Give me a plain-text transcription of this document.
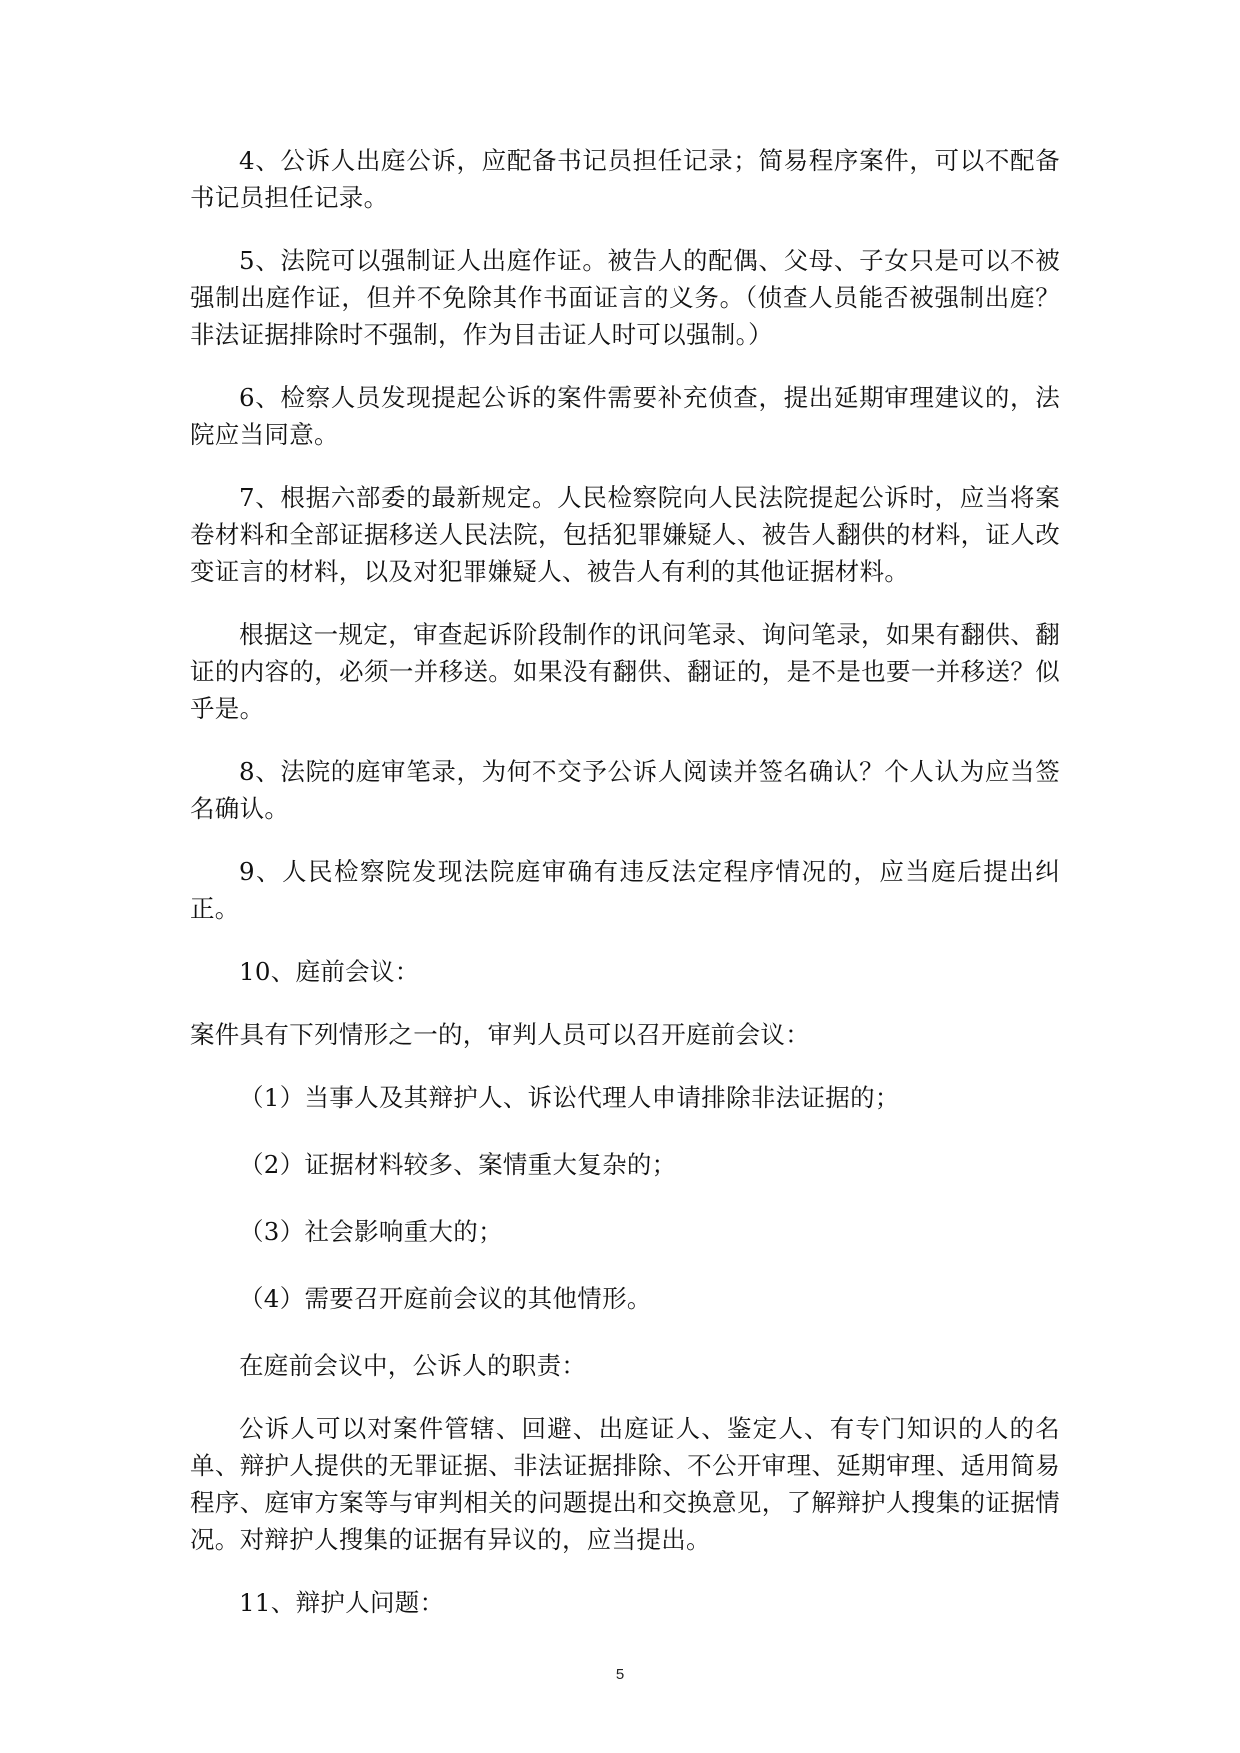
4、公诉人出庭公诉，应配备书记员担任记录；简易程序案件，可以不配备书记员担任记录。

5、法院可以强制证人出庭作证。被告人的配偶、父母、子女只是可以不被强制出庭作证，但并不免除其作书面证言的义务。（侦查人员能否被强制出庭？非法证据排除时不强制，作为目击证人时可以强制。）

6、检察人员发现提起公诉的案件需要补充侦查，提出延期审理建议的，法院应当同意。

7、根据六部委的最新规定。人民检察院向人民法院提起公诉时，应当将案卷材料和全部证据移送人民法院，包括犯罪嫌疑人、被告人翻供的材料，证人改变证言的材料，以及对犯罪嫌疑人、被告人有利的其他证据材料。

根据这一规定，审查起诉阶段制作的讯问笔录、询问笔录，如果有翻供、翻证的内容的，必须一并移送。如果没有翻供、翻证的，是不是也要一并移送？似乎是。

8、法院的庭审笔录，为何不交予公诉人阅读并签名确认？个人认为应当签名确认。

9、人民检察院发现法院庭审确有违反法定程序情况的，应当庭后提出纠正。

10、庭前会议：

案件具有下列情形之一的，审判人员可以召开庭前会议：

（1）当事人及其辩护人、诉讼代理人申请排除非法证据的；

（2）证据材料较多、案情重大复杂的；

（3）社会影响重大的；

（4）需要召开庭前会议的其他情形。

在庭前会议中，公诉人的职责：

公诉人可以对案件管辖、回避、出庭证人、鉴定人、有专门知识的人的名单、辩护人提供的无罪证据、非法证据排除、不公开审理、延期审理、适用简易程序、庭审方案等与审判相关的问题提出和交换意见，了解辩护人搜集的证据情况。对辩护人搜集的证据有异议的，应当提出。

11、辩护人问题：

5
